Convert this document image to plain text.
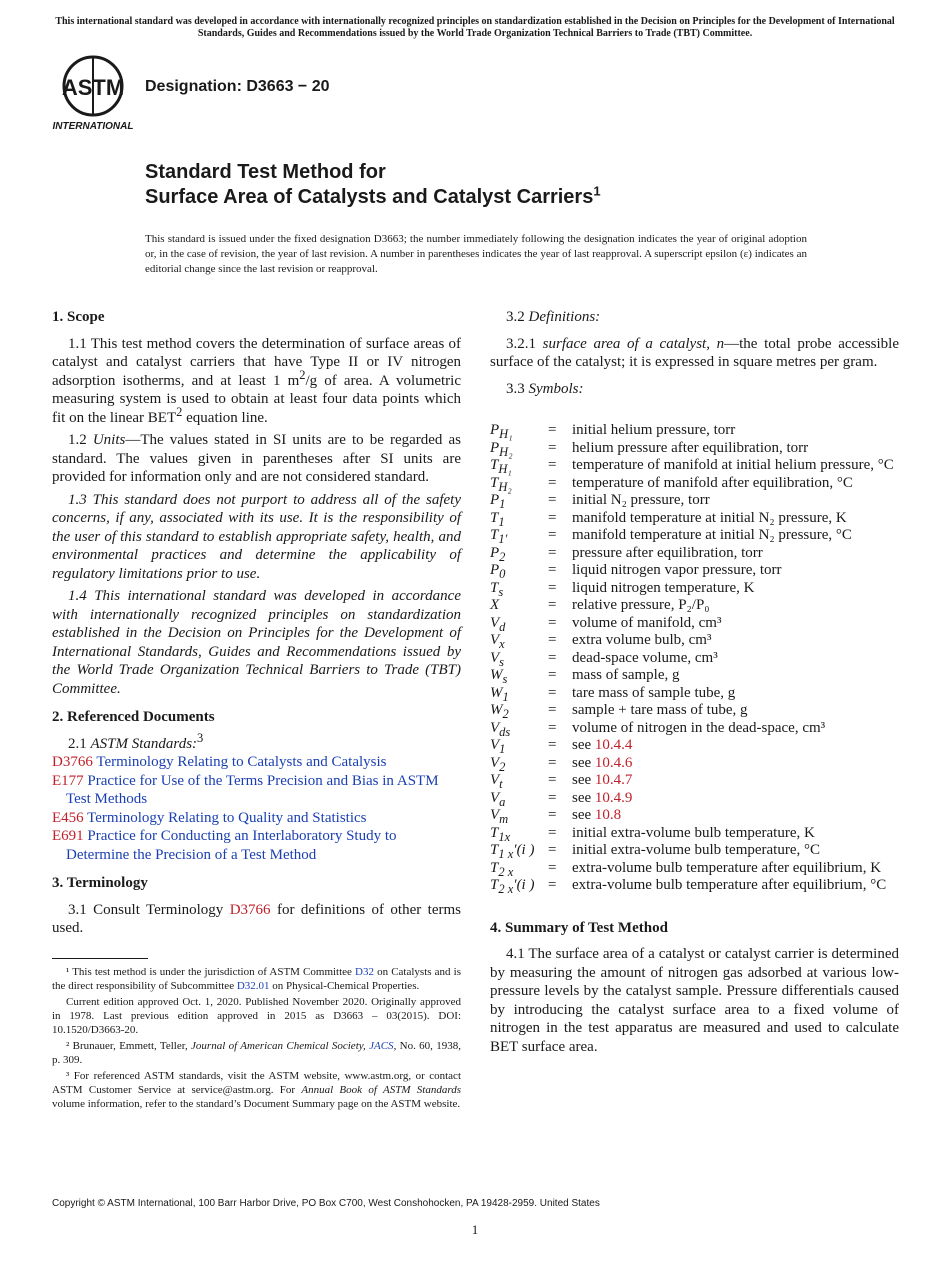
This international standard was developed in accordance with internationally recognized principles on standardization established in the Decision on Principles for the Development of International Standards, Guides and Recommendations issued by the World Trade Organization Technical Barriers to Trade (TBT) Committee.
ASTM
INTERNATIONAL
Designation: D3663 − 20
Standard Test Method for
Surface Area of Catalysts and Catalyst Carriers$^1$
This standard is issued under the fixed designation D3663; the number immediately following the designation indicates the year of original adoption or, in the case of revision, the year of last revision. A number in parentheses indicates the year of last reapproval. A superscript epsilon (ε) indicates an editorial change since the last revision or reapproval.
1. Scope

1.1 This test method covers the determination of surface areas of catalyst and catalyst carriers that have Type II or IV nitrogen adsorption isotherms, and at least 1 $m^2/g$ of area. A volumetric measuring system is used to obtain at least four data points which fit on the linear BET$^2$ equation line.

1.2 Units—The values stated in SI units are to be regarded as standard. The values given in parentheses after SI units are provided for information only and are not considered standard.

1.3 This standard does not purport to address all of the safety concerns, if any, associated with its use. It is the responsibility of the user of this standard to establish appropriate safety, health, and environmental practices and determine the applicability of regulatory limitations prior to use.

1.4 This international standard was developed in accordance with internationally recognized principles on standardization established in the Decision on Principles for the Development of International Standards, Guides and Recommendations issued by the World Trade Organization Technical Barriers to Trade (TBT) Committee.

2. Referenced Documents

2.1 ASTM Standards:$^3$

D3766 Terminology Relating to Catalysts and Catalysis

E177 Practice for Use of the Terms Precision and Bias in ASTM Test Methods

E456 Terminology Relating to Quality and Statistics

E691 Practice for Conducting an Interlaboratory Study to Determine the Precision of a Test Method

3. Terminology

3.1 Consult Terminology D3766 for definitions of other terms used.

¹ This test method is under the jurisdiction of ASTM Committee D32 on Catalysts and is the direct responsibility of Subcommittee D32.01 on Physical-Chemical Properties.

Current edition approved Oct. 1, 2020. Published November 2020. Originally approved in 1978. Last previous edition approved in 2015 as D3663 – 03(2015). DOI: 10.1520/D3663-20.

² Brunauer, Emmett, Teller, Journal of American Chemical Society, JACS, No. 60, 1938, p. 309.

³ For referenced ASTM standards, visit the ASTM website, www.astm.org, or contact ASTM Customer Service at service@astm.org. For Annual Book of ASTM Standards volume information, refer to the standard’s Document Summary page on the ASTM website.

3.2 Definitions:

3.2.1 surface area of a catalyst, n—the total probe accessible surface of the catalyst; it is expressed in square metres per gram.

3.3 Symbols:

$P_{H_1}$	=	initial helium pressure, torr
$P_{H_2}$	=	helium pressure after equilibration, torr
$T_{H_1}$	=	temperature of manifold at initial helium pressure, °C
$T_{H_2}$	=	temperature of manifold after equilibration, °C
$P_1$	=	initial N₂ pressure, torr
$T_1$	=	manifold temperature at initial N₂ pressure, K
$T_{1'}$	=	manifold temperature at initial N₂ pressure, °C
$P_2$	=	pressure after equilibration, torr
$P_0$	=	liquid nitrogen vapor pressure, torr
$T_s$	=	liquid nitrogen temperature, K
X	=	relative pressure, P₂/P₀
$V_d$	=	volume of manifold, cm³
$V_x$	=	extra volume bulb, cm³
$V_s$	=	dead-space volume, cm³
$W_s$	=	mass of sample, g
$W_1$	=	tare mass of sample tube, g
$W_2$	=	sample + tare mass of tube, g
$V_{ds}$	=	volume of nitrogen in the dead-space, cm³
$V_1$	=	see 10.4.4
$V_2$	=	see 10.4.6
$V_t$	=	see 10.4.7
$V_a$	=	see 10.4.9
$V_m$	=	see 10.8
$T_{1x}$	=	initial extra-volume bulb temperature, K
$T_{1 x}'(i$ )	=	initial extra-volume bulb temperature, °C
$T_{2 x}$	=	extra-volume bulb temperature after equilibrium, K
$T_{2 x}'(i$ )	=	extra-volume bulb temperature after equilibrium, °C
4. Summary of Test Method

4.1 The surface area of a catalyst or catalyst carrier is determined by measuring the amount of nitrogen gas adsorbed at various low-pressure levels by the catalyst sample. Pressure differentials caused by introducing the catalyst surface area to a fixed volume of nitrogen in the test apparatus are measured and used to calculate BET surface area.

Copyright © ASTM International, 100 Barr Harbor Drive, PO Box C700, West Conshohocken, PA 19428-2959. United States
1
